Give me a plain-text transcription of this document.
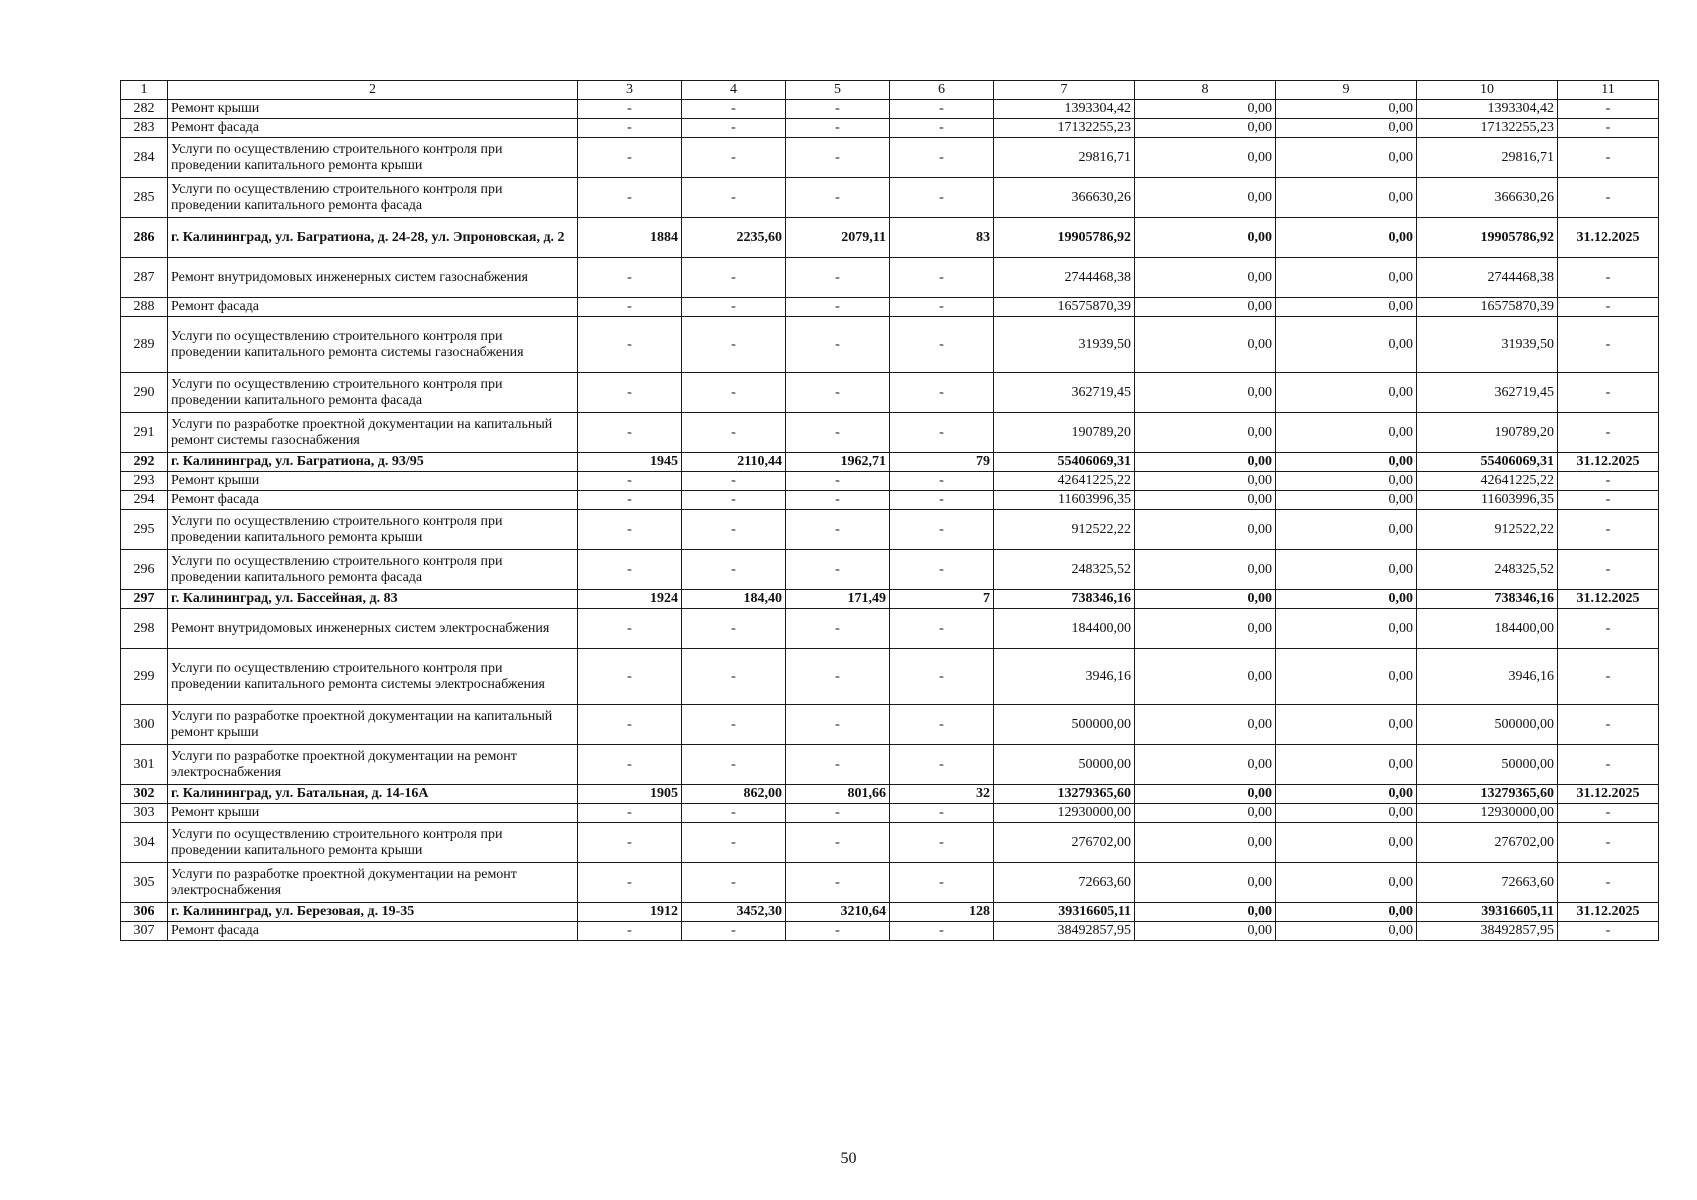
1	2	3	4	5	6	7	8	9	10	11
282	Ремонт крыши	-	-	-	-	1393304,42	0,00	0,00	1393304,42	-
283	Ремонт фасада	-	-	-	-	17132255,23	0,00	0,00	17132255,23	-
284	Услуги по осуществлению строительного контроля при проведении капитального ремонта крыши	-	-	-	-	29816,71	0,00	0,00	29816,71	-
285	Услуги по осуществлению строительного контроля при проведении капитального ремонта фасада	-	-	-	-	366630,26	0,00	0,00	366630,26	-
286	г. Калининград, ул. Багратиона, д. 24-28, ул. Эпроновская, д. 2	1884	2235,60	2079,11	83	19905786,92	0,00	0,00	19905786,92	31.12.2025
287	Ремонт внутридомовых инженерных систем газоснабжения	-	-	-	-	2744468,38	0,00	0,00	2744468,38	-
288	Ремонт фасада	-	-	-	-	16575870,39	0,00	0,00	16575870,39	-
289	Услуги по осуществлению строительного контроля при проведении капитального ремонта системы газоснабжения	-	-	-	-	31939,50	0,00	0,00	31939,50	-
290	Услуги по осуществлению строительного контроля при проведении капитального ремонта фасада	-	-	-	-	362719,45	0,00	0,00	362719,45	-
291	Услуги по разработке проектной документации на капитальный ремонт системы газоснабжения	-	-	-	-	190789,20	0,00	0,00	190789,20	-
292	г. Калининград, ул. Багратиона, д. 93/95	1945	2110,44	1962,71	79	55406069,31	0,00	0,00	55406069,31	31.12.2025
293	Ремонт крыши	-	-	-	-	42641225,22	0,00	0,00	42641225,22	-
294	Ремонт фасада	-	-	-	-	11603996,35	0,00	0,00	11603996,35	-
295	Услуги по осуществлению строительного контроля при проведении капитального ремонта крыши	-	-	-	-	912522,22	0,00	0,00	912522,22	-
296	Услуги по осуществлению строительного контроля при проведении капитального ремонта фасада	-	-	-	-	248325,52	0,00	0,00	248325,52	-
297	г. Калининград, ул. Бассейная, д. 83	1924	184,40	171,49	7	738346,16	0,00	0,00	738346,16	31.12.2025
298	Ремонт внутридомовых инженерных систем электроснабжения	-	-	-	-	184400,00	0,00	0,00	184400,00	-
299	Услуги по осуществлению строительного контроля при проведении капитального ремонта системы электроснабжения	-	-	-	-	3946,16	0,00	0,00	3946,16	-
300	Услуги по разработке проектной документации на капитальный ремонт крыши	-	-	-	-	500000,00	0,00	0,00	500000,00	-
301	Услуги по разработке проектной документации на ремонт электроснабжения	-	-	-	-	50000,00	0,00	0,00	50000,00	-
302	г. Калининград, ул. Батальная, д. 14-16А	1905	862,00	801,66	32	13279365,60	0,00	0,00	13279365,60	31.12.2025
303	Ремонт крыши	-	-	-	-	12930000,00	0,00	0,00	12930000,00	-
304	Услуги по осуществлению строительного контроля при проведении капитального ремонта крыши	-	-	-	-	276702,00	0,00	0,00	276702,00	-
305	Услуги по разработке проектной документации на ремонт электроснабжения	-	-	-	-	72663,60	0,00	0,00	72663,60	-
306	г. Калининград, ул. Березовая, д. 19-35	1912	3452,30	3210,64	128	39316605,11	0,00	0,00	39316605,11	31.12.2025
307	Ремонт фасада	-	-	-	-	38492857,95	0,00	0,00	38492857,95	-
50
